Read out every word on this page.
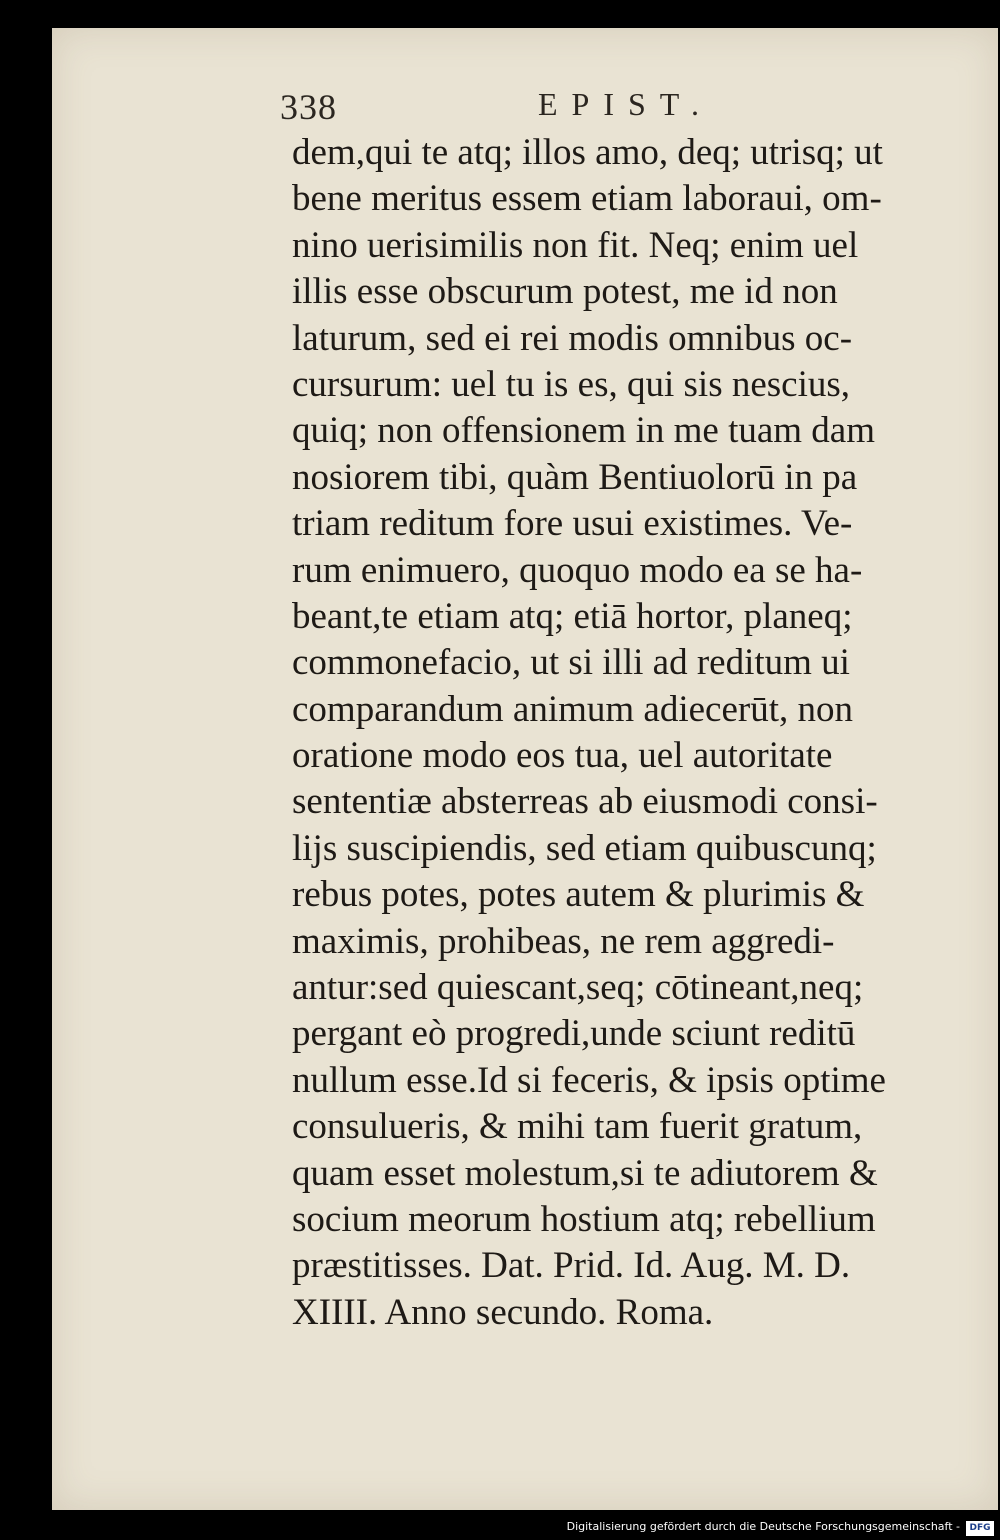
338	EPIST.
dem,qui te atq; illos amo, deq; utrisq; ut
bene meritus essem etiam laboraui, om-
nino uerisimilis non fit. Neq; enim uel
illis esse obscurum potest, me id non
laturum, sed ei rei modis omnibus oc-
cursurum: uel tu is es, qui sis nescius,
quiq; non offensionem in me tuam dam
nosiorem tibi, quàm Bentiuolorū in pa
triam reditum fore usui existimes. Ve-
rum enimuero, quoquo modo ea se ha-
beant,te etiam atq; etiā hortor, planeq;
commonefacio, ut si illi ad reditum ui
comparandum animum adiecerūt, non
oratione modo eos tua, uel autoritate
sententiæ absterreas ab eiusmodi consi-
lijs suscipiendis, sed etiam quibuscunq;
rebus potes, potes autem & plurimis &
maximis, prohibeas, ne rem aggredi-
antur:sed quiescant,seq; cōtineant,neq;
pergant eò progredi,unde sciunt reditū
nullum esse.Id si feceris, & ipsis optime
consulueris, & mihi tam fuerit gratum,
quam esset molestum,si te adiutorem &
socium meorum hostium atq; rebellium
præstitisses. Dat. Prid. Id. Aug. M. D.
XIIII. Anno secundo. Roma.
Digitalisierung gefördert durch die Deutsche Forschungsgemeinschaft -	DFG
